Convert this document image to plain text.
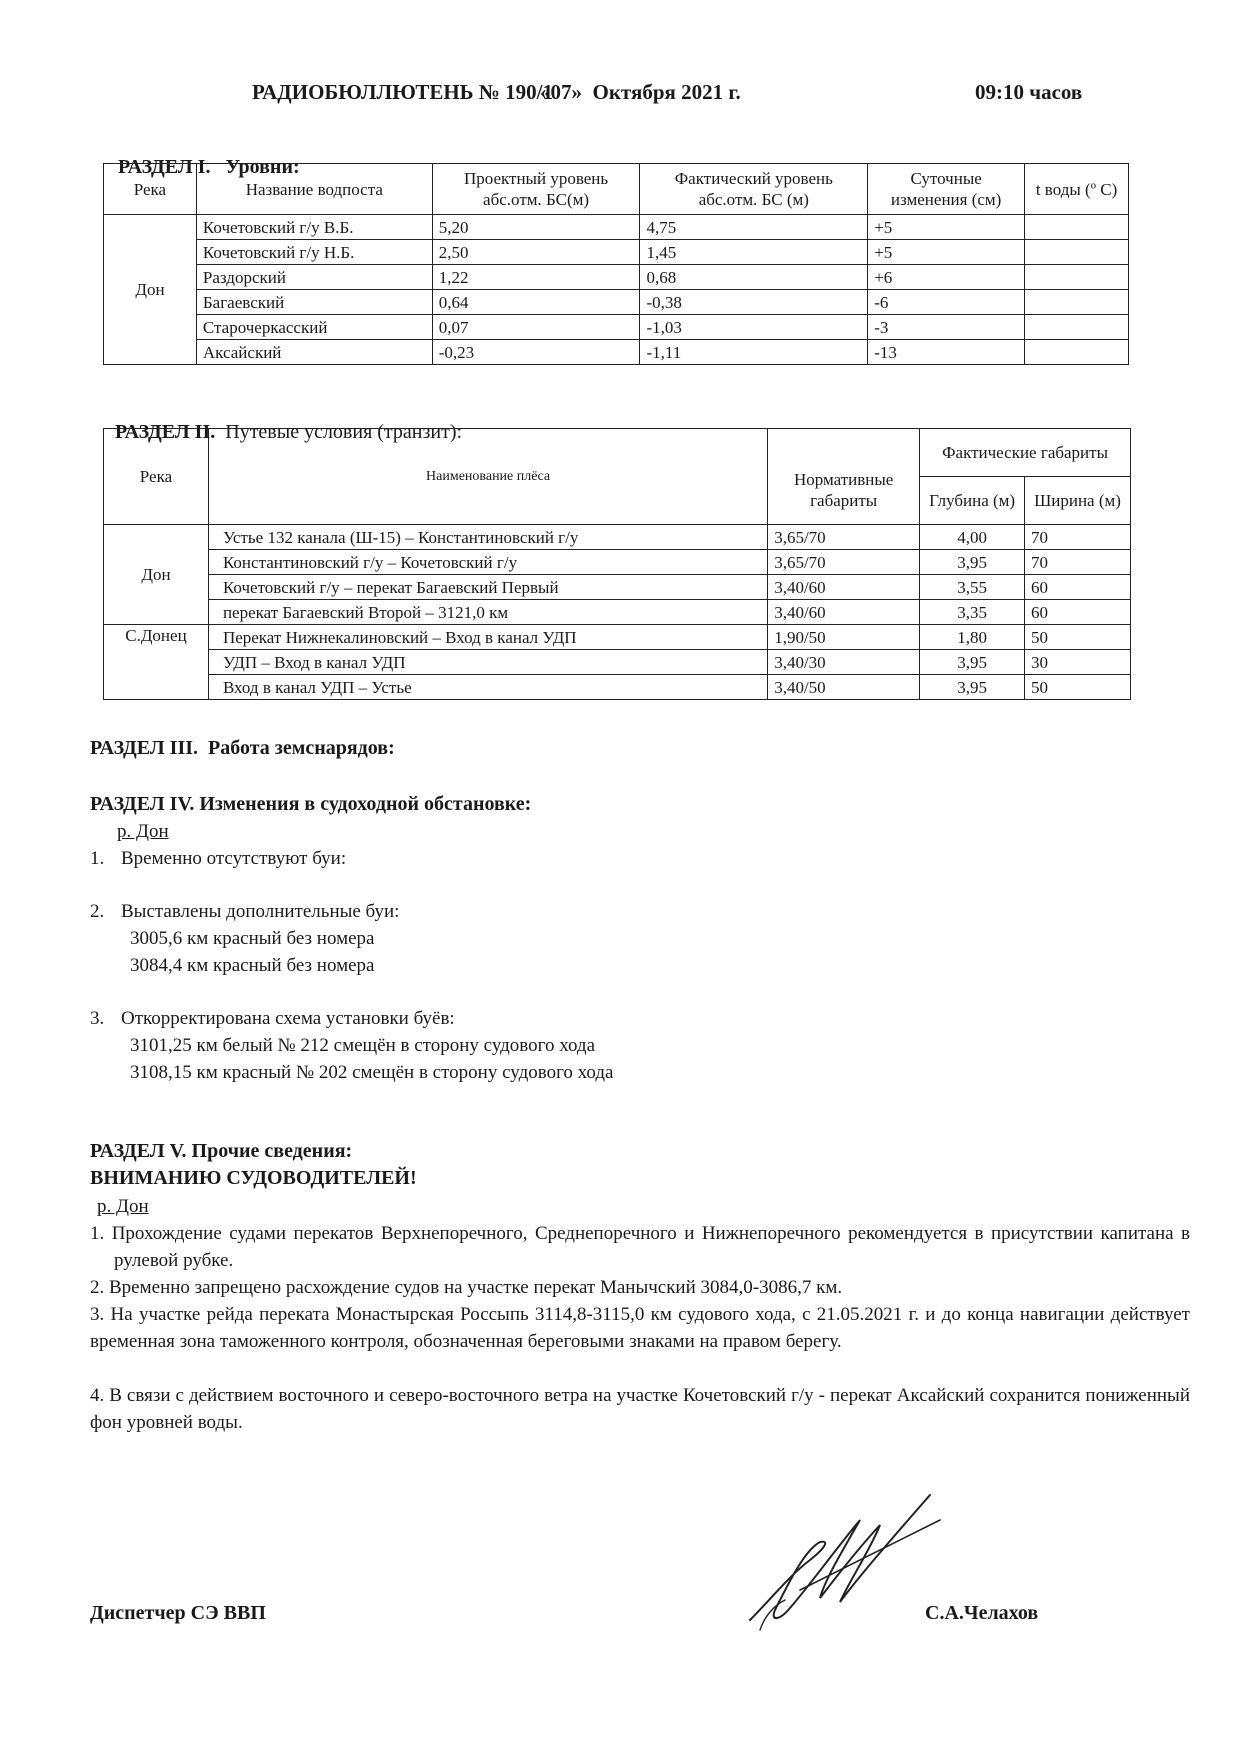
РАДИОБЮЛЛЮТЕНЬ № 190/1
«07»  Октября 2021 г.	09:10 часов

РАЗДЕЛ I. Уровни:

Река	Название водпоста	Проектный уровень абс.отм. БС(м)	Фактический уровень абс.отм. БС (м)	Суточные изменения (см)	t воды (º С)
Дон	Кочетовский г/у В.Б.	5,20	4,75	+5	
	Кочетовский г/у Н.Б.	2,50	1,45	+5	
	Раздорский	1,22	0,68	+6	
	Багаевский	0,64	-0,38	-6	
	Старочеркасский	0,07	-1,03	-3	
	Аксайский	-0,23	-1,11	-13	

РАЗДЕЛ II. Путевые условия (транзит):

Река	Наименование плёса	Нормативные габариты	Фактические габариты	
			Глубина (м)	Ширина (м)
Дон	Устье 132 канала (Ш-15) – Константиновский г/у	3,65/70	4,00	70
	Константиновский г/у – Кочетовский г/у	3,65/70	3,95	70
	Кочетовский г/у – перекат Багаевский Первый	3,40/60	3,55	60
	перекат Багаевский Второй – 3121,0 км	3,40/60	3,35	60
С.Донец	Перекат Нижнекалиновский – Вход в канал УДП	1,90/50	1,80	50
	УДП – Вход в канал УДП	3,40/30	3,95	30
	Вход в канал УДП – Устье	3,40/50	3,95	50
РАЗДЕЛ III.  Работа земснарядов:
РАЗДЕЛ IV. Изменения в судоходной обстановке:
р. Дон
1. Временно отсутствуют буи:
2. Выставлены дополнительные буи:
3005,6 км красный без номера
3084,4 км красный без номера
3. Откорректирована схема установки буёв:
3101,25 км белый № 212 смещён в сторону судового хода
3108,15 км красный № 202 смещён в сторону судового хода
РАЗДЕЛ V. Прочие сведения:
ВНИМАНИЮ СУДОВОДИТЕЛЕЙ!
р. Дон
1. Прохождение судами перекатов Верхнепоречного, Среднепоречного и Нижнепоречного рекомендуется в присутствии капитана в рулевой рубке.
2. Временно запрещено расхождение судов на участке перекат Манычский 3084,0-3086,7 км.
3. На участке рейда переката Монастырская Россыпь 3114,8-3115,0 км судового хода, с 21.05.2021 г. и до конца навигации действует временная зона таможенного контроля, обозначенная береговыми знаками на правом берегу.
4. В связи с действием восточного и северо-восточного ветра на участке Кочетовский г/у - перекат Аксайский сохранится пониженный фон уровней воды.
Диспетчер СЭ ВВП	С.А.Челахов
